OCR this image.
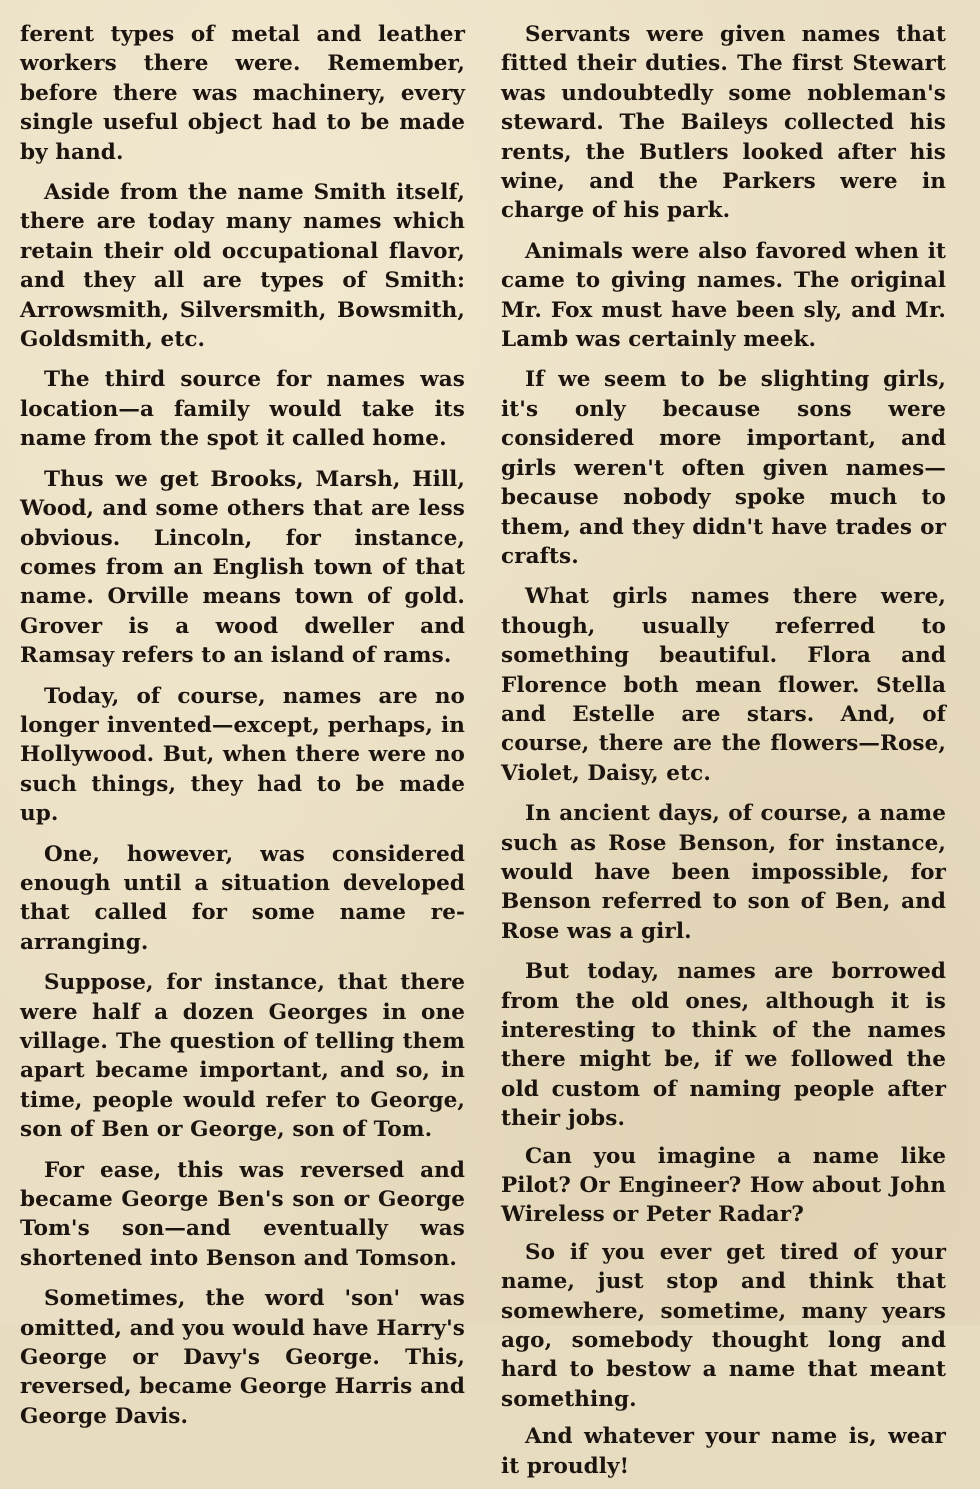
ferent types of metal and leather workers there were. Remember, before there was machinery, every single useful object had to be made by hand.

Aside from the name Smith itself, there are today many names which retain their old occupational flavor, and they all are types of Smith: Arrowsmith, Silversmith, Bowsmith, Goldsmith, etc.

The third source for names was location—a family would take its name from the spot it called home.

Thus we get Brooks, Marsh, Hill, Wood, and some others that are less obvious. Lincoln, for instance, comes from an English town of that name. Orville means town of gold. Grover is a wood dweller and Ramsay refers to an island of rams.

Today, of course, names are no longer invented—except, perhaps, in Hollywood. But, when there were no such things, they had to be made up.

One, however, was considered enough until a situation developed that called for some name re-arranging.

Suppose, for instance, that there were half a dozen Georges in one village. The question of telling them apart became important, and so, in time, people would refer to George, son of Ben or George, son of Tom.

For ease, this was reversed and became George Ben's son or George Tom's son—and eventually was shortened into Benson and Tomson.

Sometimes, the word 'son' was omitted, and you would have Harry's George or Davy's George. This, reversed, became George Harris and George Davis.

Servants were given names that fitted their duties. The first Stewart was undoubtedly some nobleman's steward. The Baileys collected his rents, the Butlers looked after his wine, and the Parkers were in charge of his park.

Animals were also favored when it came to giving names. The original Mr. Fox must have been sly, and Mr. Lamb was certainly meek.

If we seem to be slighting girls, it's only because sons were considered more important, and girls weren't often given names—because nobody spoke much to them, and they didn't have trades or crafts.

What girls names there were, though, usually referred to something beautiful. Flora and Florence both mean flower. Stella and Estelle are stars. And, of course, there are the flowers—Rose, Violet, Daisy, etc.

In ancient days, of course, a name such as Rose Benson, for instance, would have been impossible, for Benson referred to son of Ben, and Rose was a girl.

But today, names are borrowed from the old ones, although it is interesting to think of the names there might be, if we followed the old custom of naming people after their jobs.

Can you imagine a name like Pilot? Or Engineer? How about John Wireless or Peter Radar?

So if you ever get tired of your name, just stop and think that somewhere, sometime, many years ago, somebody thought long and hard to bestow a name that meant something.

And whatever your name is, wear it proudly!
